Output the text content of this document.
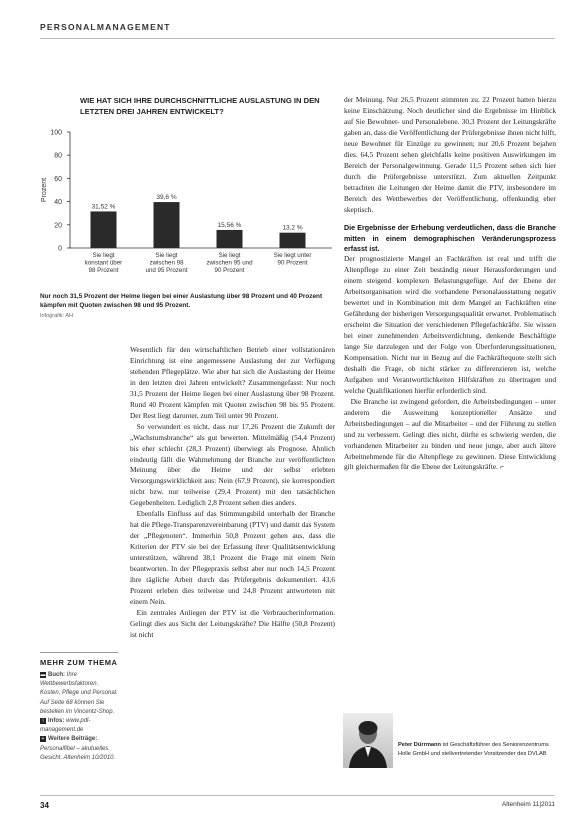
PERSONALMANAGEMENT
WIE HAT SICH IHRE DURCHSCHNITTLICHE AUSLASTUNG IN DEN LETZTEN DREI JAHREN ENTWICKELT?
0
20
40
60
80
100
Prozent
31,52 %
Sie liegt
konstant über
98 Prozent
39,6 %
Sie liegt
zwischen 98
und 95 Prozent
15,56 %
Sie liegt
zwischen 95 und
90 Prozent
13,2 %
Sie liegt unter
90 Prozent
Nur noch 31,5 Prozent der Heime liegen bei einer Auslastung über 98 Prozent und 40 Prozent kämpfen mit Quoten zwischen 98 und 95 Prozent.
Infografik: AH

Wesentlich für den wirtschaftlichen Betrieb einer vollstationären Einrichtung ist eine angemessene Auslastung der zur Verfügung stehenden Pflegeplätze. Wie aber hat sich die Auslastung der Heime in den letzten drei Jahren entwickelt? Zusammengefasst: Nur noch 31,5 Prozent der Heime liegen bei einer Auslastung über 98 Prozent. Rund 40 Prozent kämpfen mit Quoten zwischen 98 bis 95 Prozent. Der Rest liegt darunter, zum Teil unter 90 Prozent.

So verwundert es nicht, dass nur 17,26 Prozent die Zukunft der „Wachstumsbranche“ als gut bewerten. Mittelmäßig (54,4 Prozent) bis eher schlecht (28,3 Prozent) überwiegt als Prognose. Ähnlich eindeutig fällt die Wahrnehmung der Branche zur veröffentlichten Meinung über die Heime und der selbst erlebten Versorgungswirklichkeit aus: Nein (67,9 Prozent), sie korrespondiert nicht bzw. nur teilweise (29,4 Prozent) mit den tatsächlichen Gegebenheiten. Lediglich 2,8 Prozent sehen dies anders.

Ebenfalls Einfluss auf das Stimmungsbild unterhalb der Branche hat die Pflege-Transparenzvereinbarung (PTV) und damit das System der „Pflegenoten“. Immerhin 50,8 Prozent gehen aus, dass die Kriterien der PTV sie bei der Erfassung ihrer Qualitätsentwicklung unterstützen, während 38,1 Prozent die Frage mit einem Nein beantworten. In der Pflegepraxis selbst aber nur noch 14,5 Prozent ihre tägliche Arbeit durch das Prüfergebnis dokumentiert. 43,6 Prozent erleben dies teilweise und 24,8 Prozent antworteten mit einem Nein.

Ein zentrales Anliegen der PTV ist die Verbraucherinformation. Gelingt dies aus Sicht der Leitungskräfte? Die Hälfte (50,8 Prozent) ist nicht

der Meinung. Nur 26,5 Prozent stimmten zu. 22 Prozent hatten hierzu keine Einschätzung. Noch deutlicher sind die Ergebnisse im Hinblick auf Sie Bewohner- und Personalebene. 30,3 Prozent der Leitungskräfte gaben an, dass die Veröffentlichung der Prüfergebnisse ihnen nicht hilft, neue Bewohner für Einzüge zu gewinnen; nur 20,6 Prozent bejahen dies. 64,5 Prozent sehen gleichfalls keine positiven Auswirkungen im Bereich der Personalgewinnung. Gerade 11,5 Prozent sehen sich hier durch die Prüfergebnisse unterstützt. Zum aktuellen Zeitpunkt betrachten die Leitungen der Heime damit die PTV, insbesondere im Bereich des Wettbewerbes der Veröffentlichung, offenkundig eher skeptisch.

Die Ergebnisse der Erhebung verdeutlichen, dass die Branche mitten in einem demographischen Veränderungsprozess erfasst ist.

Der prognostizierte Mangel an Fachkräften ist real und trifft die Altenpflege zu einer Zeit beständig neuer Herausforderungen und einem steigend komplexen Belastungsgefüge. Auf der Ebene der Arbeitsorganisation wird die vorhandene Personalausstattung negativ bewertet und in Kombination mit dem Mangel an Fachkräften eine Gefährdung der bisherigen Versorgungsqualität erwartet. Problematisch erscheint die Situation der verschiedenen Pflegefachkräfte. Sie wissen bei einer zunehmenden Arbeitsverdichtung, denkende Beschäftigte lange Sie darzulegen und der Folge von Überforderungssituationen, Kompensation. Nicht nur in Bezug auf die Fachkräftequote stellt sich deshalb die Frage, ob nicht stärker zu differenzieren ist, welche Aufgaben und Verantwortlichkeiten Hilfskräften zu übertragen und welche Qualifikationen hierfür erforderlich sind.

Die Branche ist zwingend gefordert, die Arbeitsbedingungen – unter anderem die Ausweitung konzeptioneller Ansätze und Arbeitsbedingungen – auf die Mitarbeiter – und der Führung zu stellen und zu verbessern. Gelingt dies nicht, dürfte es schwierig werden, die vorhandenen Mitarbeiter zu binden und neue junge, aber auch ältere Arbeitnehmende für die Altenpflege zu gewinnen. Diese Entwicklung gilt gleichermaßen für die Ebene der Leitungskräfte. ⌐

MEHR ZUM THEMA
▬ Buch: Ihre Wettbewerbsfaktoren. Kosten, Pflege und Personal. Auf Seite 68 können Sie bestellen im Vincentz-Shop.
i Infos: www.pdl-management.de
+ Weitere Beiträge: Personalfibel – akutuelles Gesicht. Altenheim 10/2010.
Peter Dürrmann ist Geschäftsführer des Seniorenzentrums Holle GmbH und stellvertretender Vorsitzender des DVLAB
34	Altenheim 11|2011
